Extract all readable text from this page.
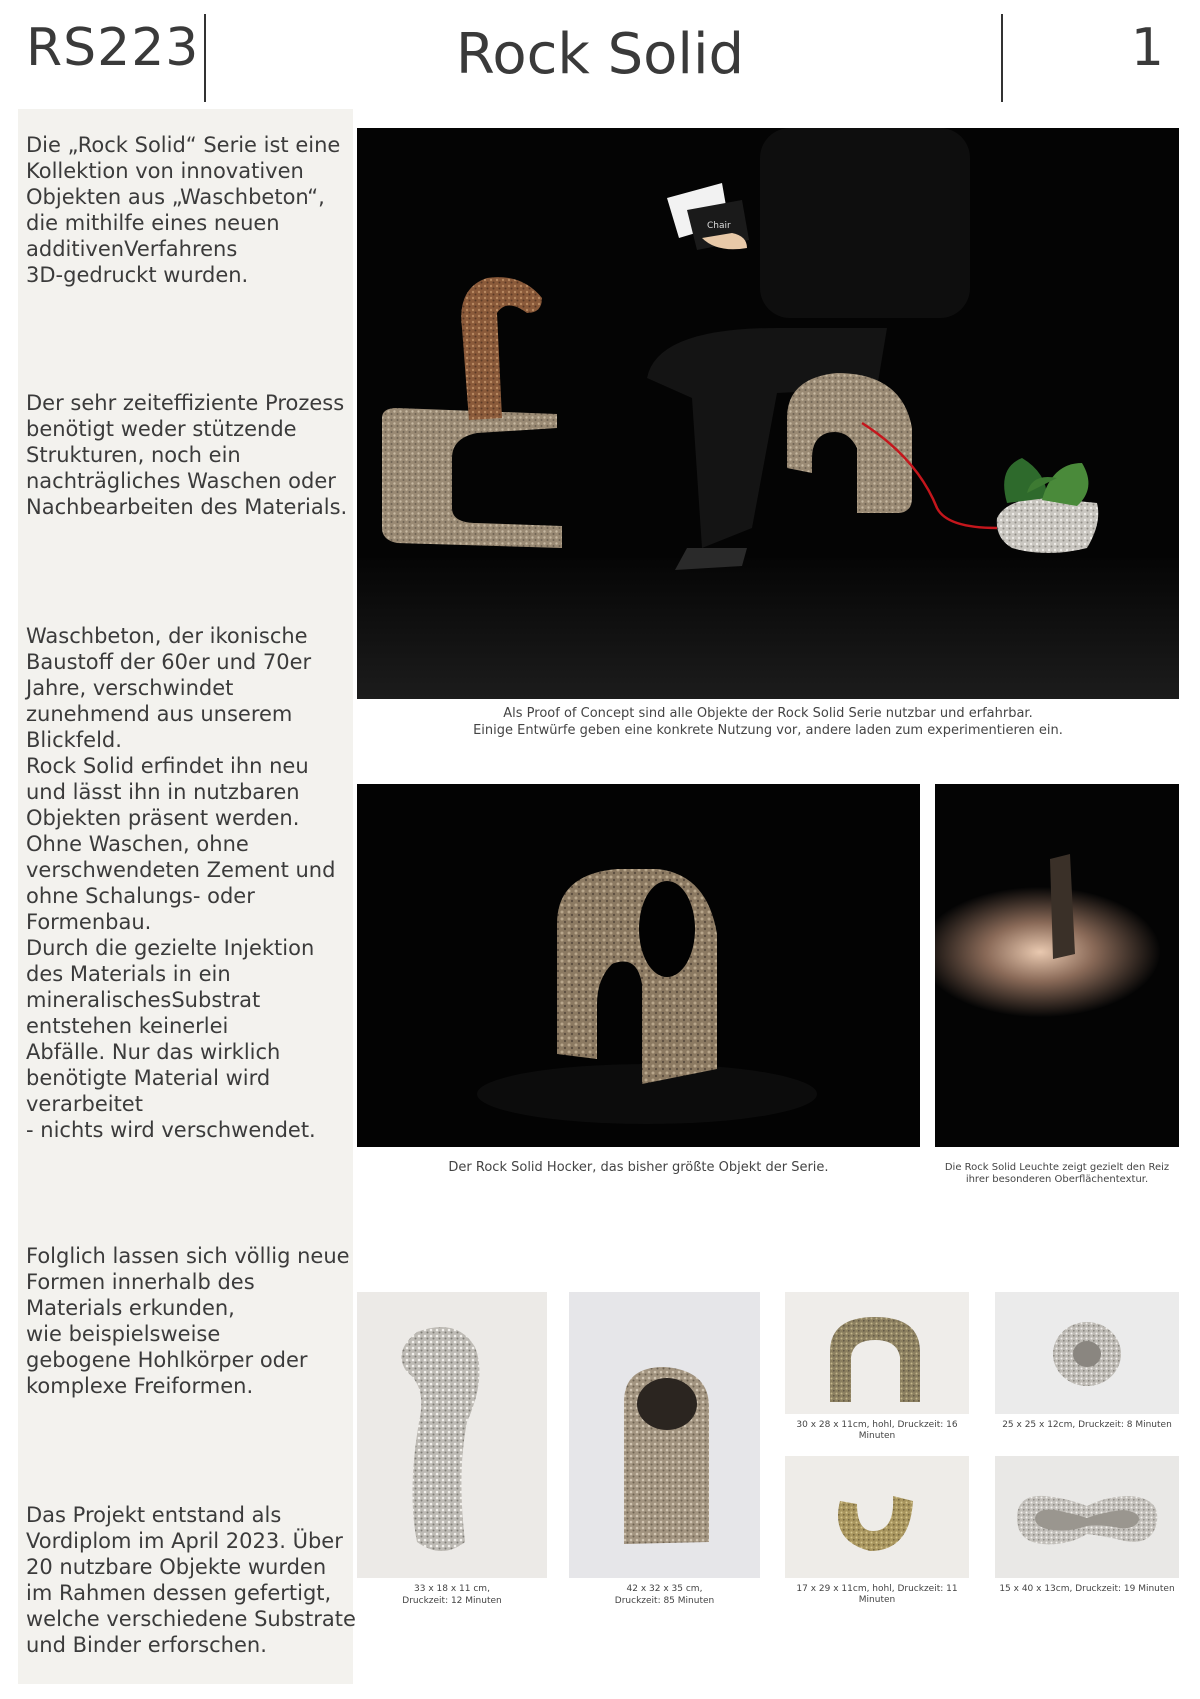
RS223	Rock Solid	1
Die „Rock Solid“ Serie ist eine
Kollektion von innovativen
Objekten aus „Waschbeton“,
die mithilfe eines neuen
additivenVerfahrens
3D-gedruckt wurden.
Der sehr zeiteffiziente Prozess
benötigt weder stützende
Strukturen, noch ein
nachträgliches Waschen oder
Nachbearbeiten des Materials.
Waschbeton, der ikonische
Baustoff der 60er und 70er
Jahre, verschwindet
zunehmend aus unserem
Blickfeld.
Rock Solid erfindet ihn neu
und lässt ihn in nutzbaren
Objekten präsent werden.
Ohne Waschen, ohne
verschwendeten Zement und
ohne Schalungs- oder
Formenbau.
Durch die gezielte Injektion
des Materials in ein
mineralischesSubstrat
entstehen keinerlei
Abfälle. Nur das wirklich
benötigte Material wird
verarbeitet
- nichts wird verschwendet.
Folglich lassen sich völlig neue
Formen innerhalb des
Materials erkunden,
wie beispielsweise
gebogene Hohlkörper oder
komplexe Freiformen.
Das Projekt entstand als
Vordiplom im April 2023. Über
20 nutzbare Objekte wurden
im Rahmen dessen gefertigt,
welche verschiedene Substrate
und Binder erforschen.
Chair
Als Proof of Concept sind alle Objekte der Rock Solid Serie nutzbar und erfahrbar.
Einige Entwürfe geben eine konkrete Nutzung vor, andere laden zum experimentieren ein.
Der Rock Solid Hocker, das bisher größte Objekt der Serie.	Die Rock Solid Leuchte zeigt gezielt den Reiz
ihrer besonderen Oberflächentextur.
33 x 18 x 11 cm,
Druckzeit: 12 Minuten
42 x 32 x 35 cm,
Druckzeit: 85 Minuten
30 x 28 x 11cm, hohl, Druckzeit: 16 Minuten
25 x 25 x 12cm, Druckzeit: 8 Minuten
17 x 29 x 11cm, hohl, Druckzeit: 11 Minuten
15 x 40 x 13cm, Druckzeit: 19 Minuten
